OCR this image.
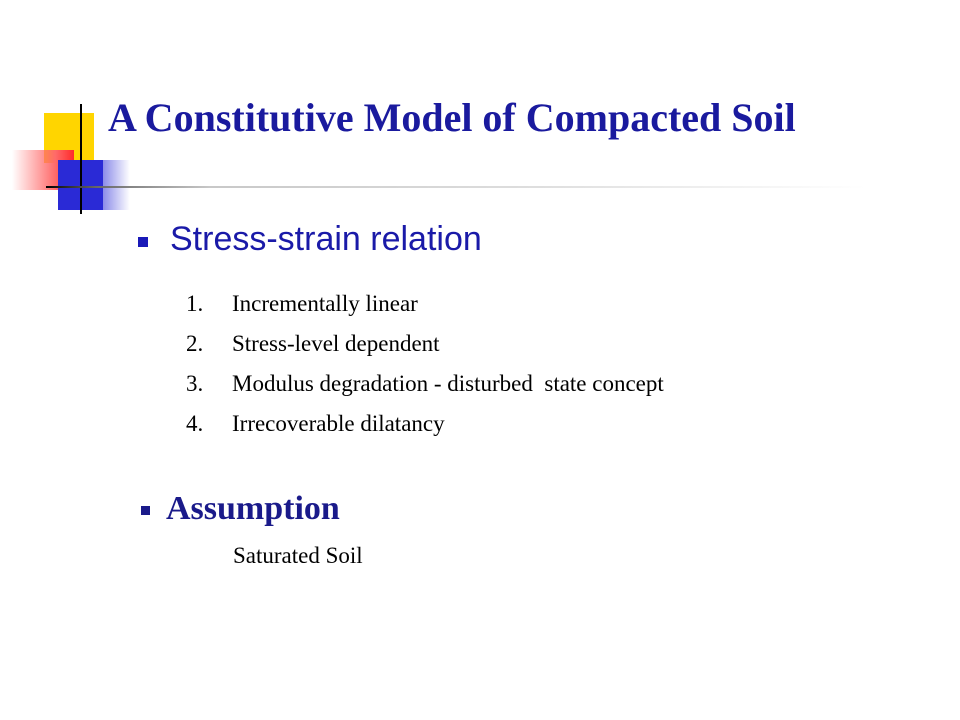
A Constitutive Model of Compacted Soil
Stress-strain relation
1. Incrementally linear
2. Stress-level dependent
3. Modulus degradation - disturbed  state concept
4. Irrecoverable dilatancy
Assumption
Saturated Soil
